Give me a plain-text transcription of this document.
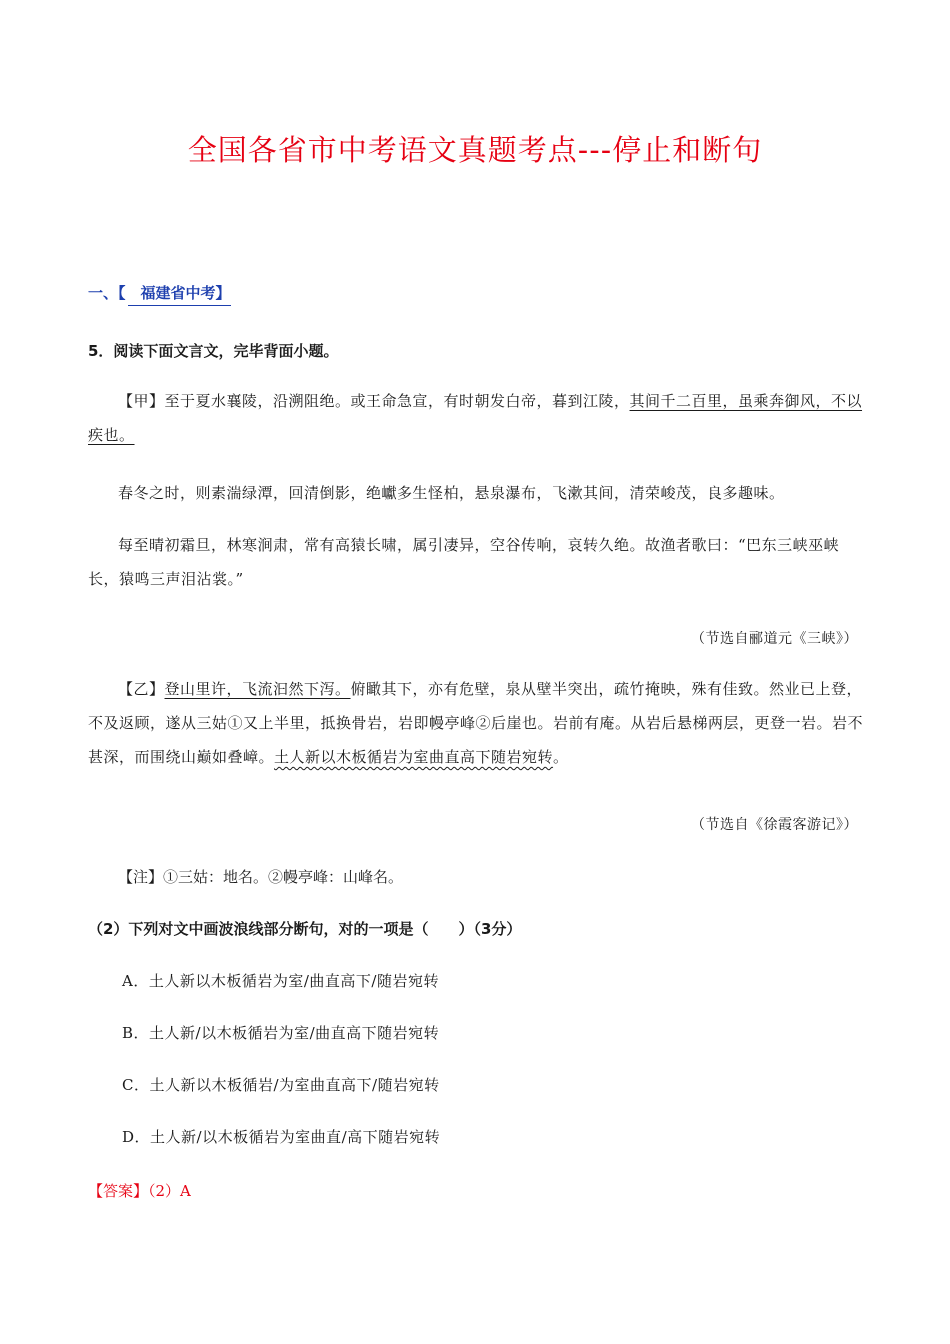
全国各省市中考语文真题考点---停止和断句
一、【　福建省中考】
5．阅读下面文言文，完毕背面小题。
【甲】至于夏水襄陵，沿溯阻绝。或王命急宣，有时朝发白帝，暮到江陵，其间千二百里，虽乘奔御风，不以疾也。
春冬之时，则素湍绿潭，回清倒影，绝巘多生怪柏，悬泉瀑布，飞漱其间，清荣峻茂，良多趣味。
每至晴初霜旦，林寒涧肃，常有高猿长啸，属引凄异，空谷传响，哀转久绝。故渔者歌曰：“巴东三峡巫峡长，猿鸣三声泪沾裳。”
（节选自郦道元《三峡》）
【乙】登山里许，飞流汩然下泻。俯瞰其下，亦有危壁，泉从壁半突出，疏竹掩映，殊有佳致。然业已上登，不及返顾，遂从三姑①又上半里，抵换骨岩，岩即幔亭峰②后崖也。岩前有庵。从岩后悬梯两层，更登一岩。岩不甚深，而围绕山巅如叠嶂。土人新以木板循岩为室曲直高下随岩宛转。
（节选自《徐霞客游记》）
【注】①三姑：地名。②幔亭峰：山峰名。
（2）下列对文中画波浪线部分断句，对的一项是（　　）（3分）
A．土人新以木板循岩为室/曲直高下/随岩宛转
B．土人新/以木板循岩为室/曲直高下随岩宛转
C．土人新以木板循岩/为室曲直高下/随岩宛转
D．土人新/以木板循岩为室曲直/高下随岩宛转
【答案】（2）A
